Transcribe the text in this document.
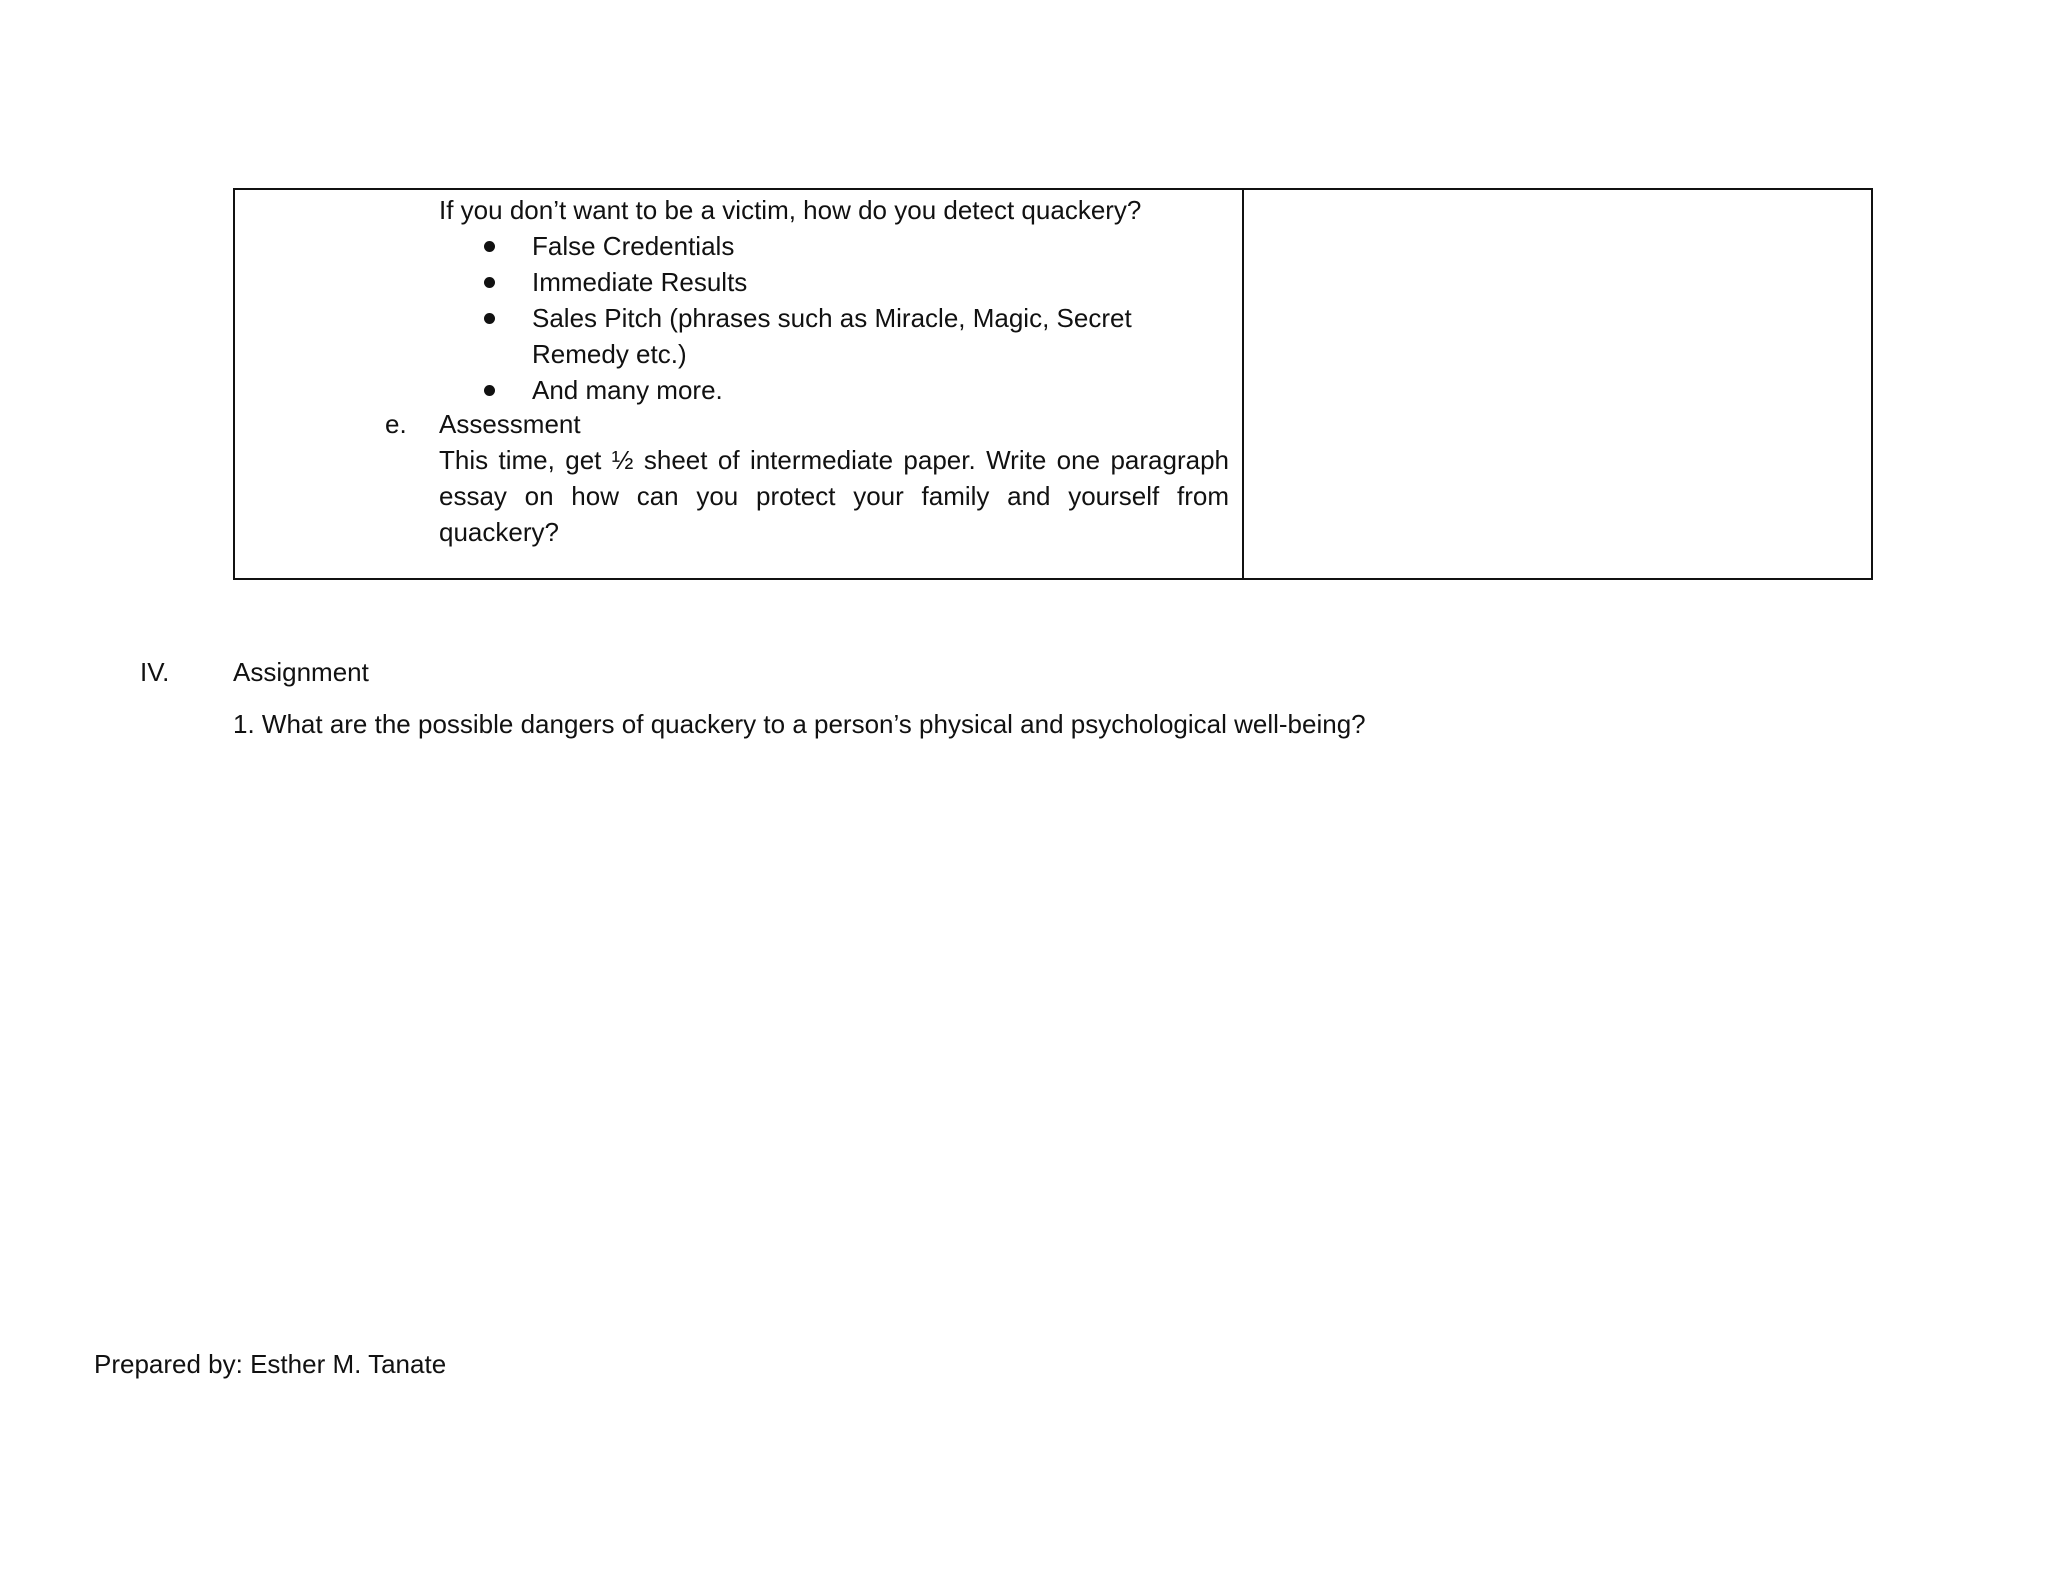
If you don’t want to be a victim, how do you detect quackery?
False Credentials
Immediate Results
Sales Pitch (phrases such as Miracle, Magic, Secret Remedy etc.)
And many more.
e. Assessment
This time, get ½ sheet of intermediate paper. Write one paragraph essay on how can you protect your family and yourself from quackery?
IV. Assignment
1. What are the possible dangers of quackery to a person’s physical and psychological well-being?
Prepared by: Esther M. Tanate
